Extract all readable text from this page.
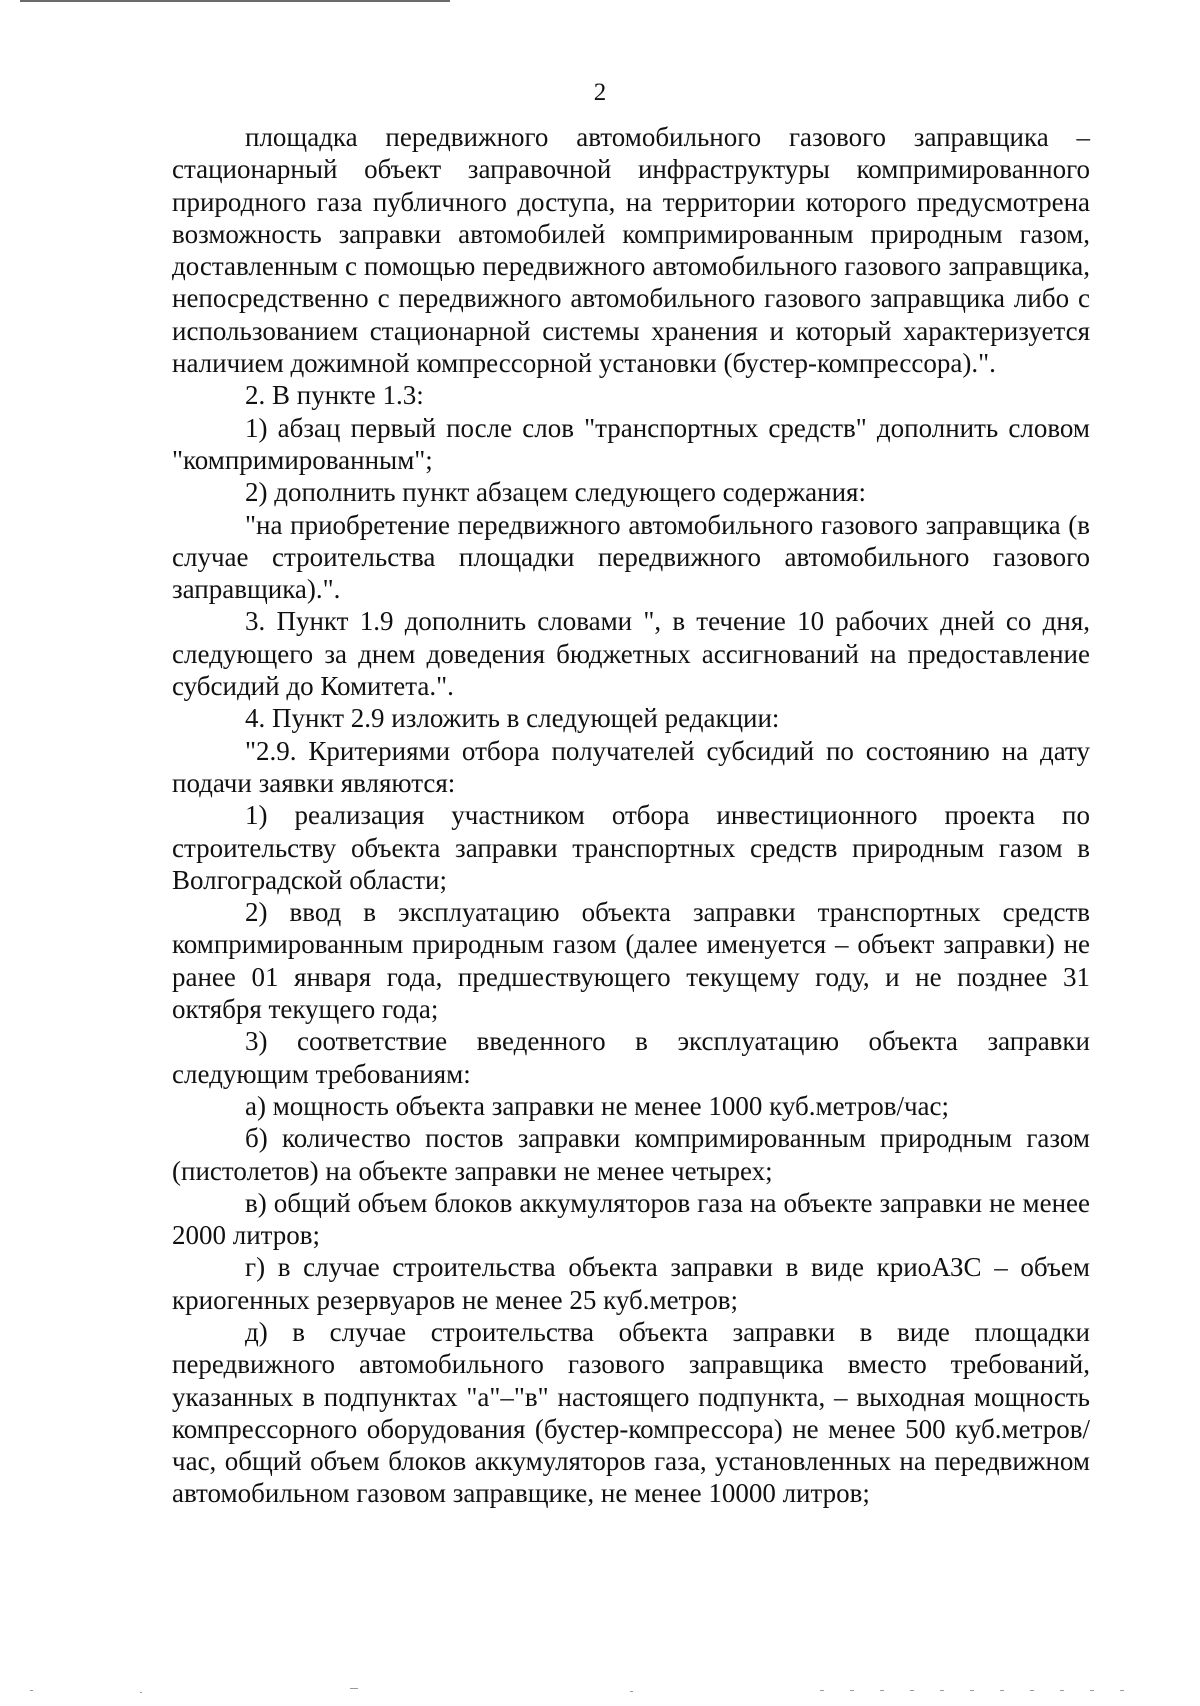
2

площадка передвижного автомобильного газового заправщика – стационарный объект заправочной инфраструктуры компримированного природного газа публичного доступа, на территории которого предусмотрена возможность заправки автомобилей компримированным природным газом, доставленным с помощью передвижного автомобильного газового заправщика, непосредственно с передвижного автомобильного газового заправщика либо с использованием стационарной системы хранения и который характеризуется наличием дожимной компрессорной установки (бустер-компрессора).".

2. В пункте 1.3:

1) абзац первый после слов "транспортных средств" дополнить словом "компримированным";

2) дополнить пункт абзацем следующего содержания:

"на приобретение передвижного автомобильного газового заправщика (в случае строительства площадки передвижного автомобильного газового заправщика).".

3. Пункт 1.9 дополнить словами ", в течение 10 рабочих дней со дня, следующего за днем доведения бюджетных ассигнований на предоставление субсидий до Комитета.".

4. Пункт 2.9 изложить в следующей редакции:

"2.9. Критериями отбора получателей субсидий по состоянию на дату подачи заявки являются:

1) реализация участником отбора инвестиционного проекта по строительству объекта заправки транспортных средств природным газом в Волгоградской области;

2) ввод в эксплуатацию объекта заправки транспортных средств компримированным природным газом (далее именуется – объект заправки) не ранее 01 января года, предшествующего текущему году, и не позднее 31 октября текущего года;

3) соответствие введенного в эксплуатацию объекта заправки следующим требованиям:

а) мощность объекта заправки не менее 1000 куб.метров/час;

б) количество постов заправки компримированным природным газом (пистолетов) на объекте заправки не менее четырех;

в) общий объем блоков аккумуляторов газа на объекте заправки не менее 2000 литров;

г) в случае строительства объекта заправки в виде криоАЗС – объем криогенных резервуаров не менее 25 куб.метров;

д) в случае строительства объекта заправки в виде площадки передвижного автомобильного газового заправщика вместо требований, указанных в подпунктах "а"–"в" настоящего подпункта, – выходная мощность компрессорного оборудования (бустер-компрессора) не менее 500 куб.метров/час, общий объем блоков аккумуляторов газа, установленных на передвижном автомобильном газовом заправщике, не менее 10000 литров;
